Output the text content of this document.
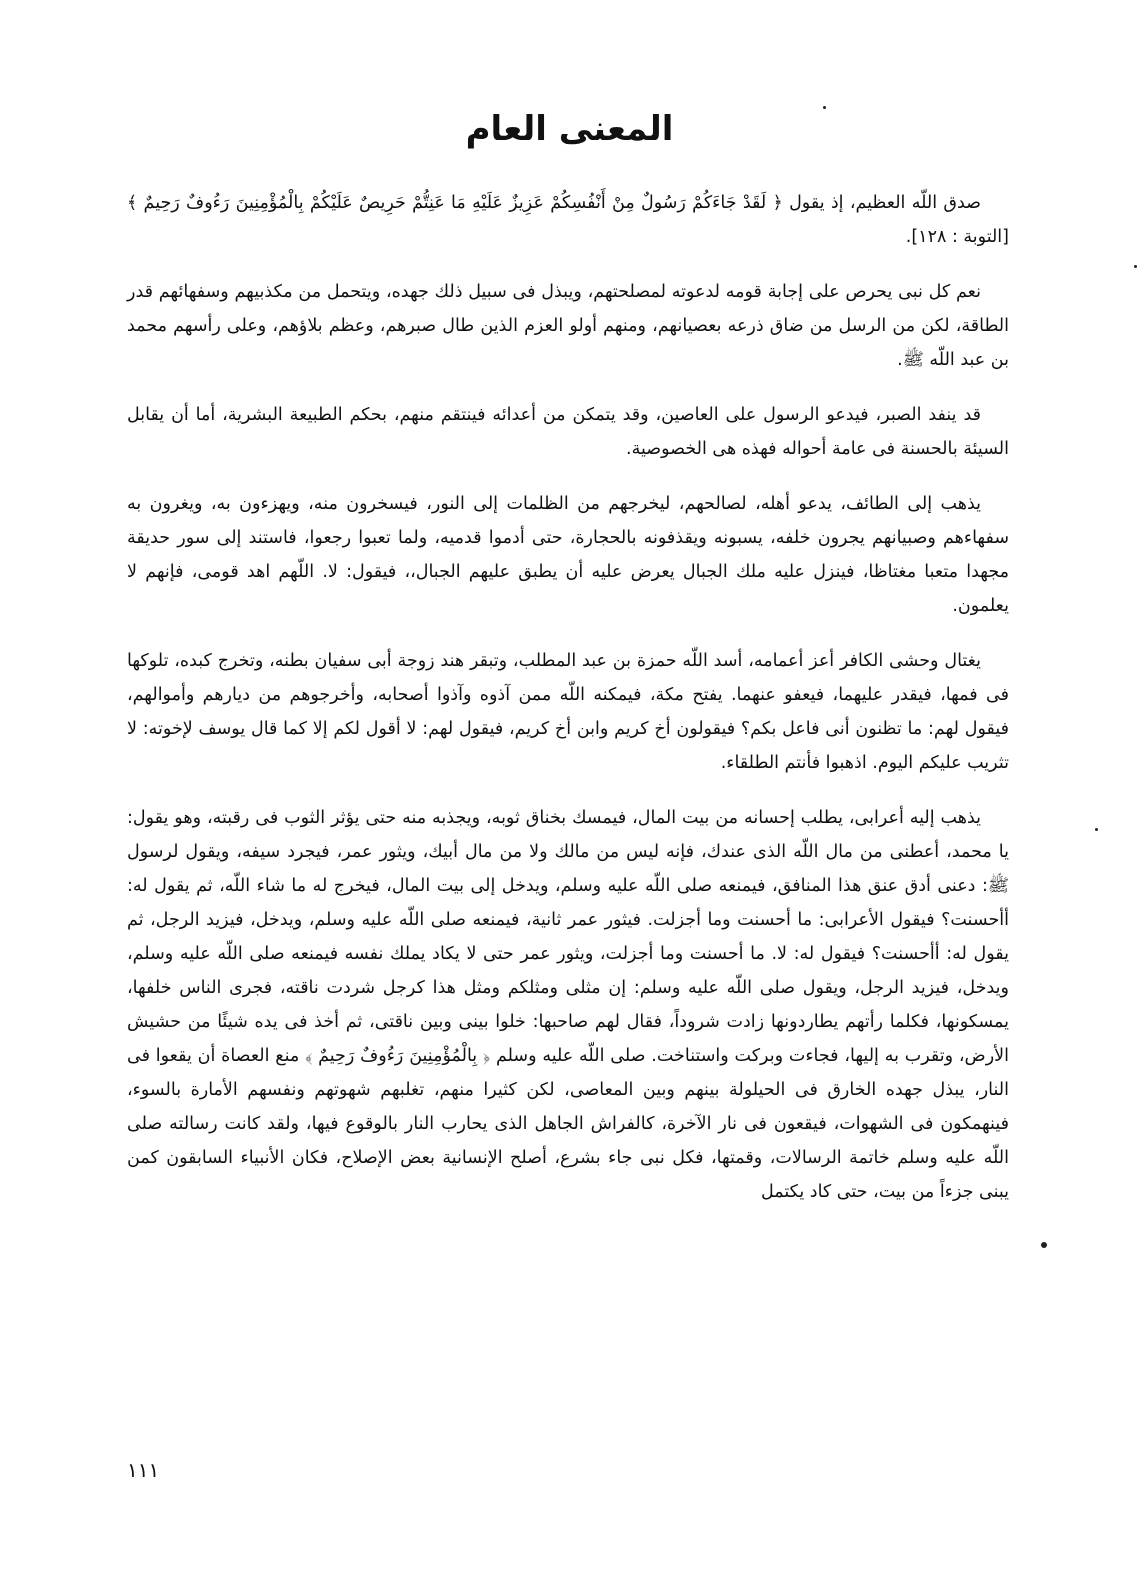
المعنى العام

صدق اللّه العظيم، إذ يقول ﴿ لَقَدْ جَاءَكُمْ رَسُولٌ مِنْ أَنْفُسِكُمْ عَزِيزٌ عَلَيْهِ مَا عَنِتُّمْ حَرِيصٌ عَلَيْكُمْ بِالْمُؤْمِنِينَ رَءُوفٌ رَحِيمٌ ﴾ [التوبة : ١٢٨].

نعم كل نبى يحرص على إجابة قومه لدعوته لمصلحتهم، ويبذل فى سبيل ذلك جهده، ويتحمل من مكذبيهم وسفهائهم قدر الطاقة، لكن من الرسل من ضاق ذرعه بعصيانهم، ومنهم أولو العزم الذين طال صبرهم، وعظم بلاؤهم، وعلى رأسهم محمد بن عبد اللّه ﷺ.

قد ينفد الصبر، فيدعو الرسول على العاصين، وقد يتمكن من أعدائه فينتقم منهم، بحكم الطبيعة البشرية، أما أن يقابل السيئة بالحسنة فى عامة أحواله فهذه هى الخصوصية.

يذهب إلى الطائف، يدعو أهله، لصالحهم، ليخرجهم من الظلمات إلى النور، فيسخرون منه، ويهزءون به، ويغرون به سفهاءهم وصبيانهم يجرون خلفه، يسبونه ويقذفونه بالحجارة، حتى أدموا قدميه، ولما تعبوا رجعوا، فاستند إلى سور حديقة مجهدا متعبا مغتاظا، فينزل عليه ملك الجبال يعرض عليه أن يطبق عليهم الجبال،، فيقول: لا. اللّهم اهد قومى، فإنهم لا يعلمون.

يغتال وحشى الكافر أعز أعمامه، أسد اللّه حمزة بن عبد المطلب، وتبقر هند زوجة أبى سفيان بطنه، وتخرج كبده، تلوكها فى فمها، فيقدر عليهما، فيعفو عنهما. يفتح مكة، فيمكنه اللّه ممن آذوه وآذوا أصحابه، وأخرجوهم من ديارهم وأموالهم، فيقول لهم: ما تظنون أنى فاعل بكم؟ فيقولون أخ كريم وابن أخ كريم، فيقول لهم: لا أقول لكم إلا كما قال يوسف لإخوته: لا تثريب عليكم اليوم. اذهبوا فأنتم الطلقاء.

يذهب إليه أعرابى، يطلب إحسانه من بيت المال، فيمسك بخناق ثوبه، ويجذبه منه حتى يؤثر الثوب فى رقبته، وهو يقول: يا محمد، أعطنى من مال اللّه الذى عندك، فإنه ليس من مالك ولا من مال أبيك، ويثور عمر، فيجرد سيفه، ويقول لرسول ﷺ: دعنى أدق عنق هذا المنافق، فيمنعه صلى اللّه عليه وسلم، ويدخل إلى بيت المال، فيخرج له ما شاء اللّه، ثم يقول له: أأحسنت؟ فيقول الأعرابى: ما أحسنت وما أجزلت. فيثور عمر ثانية، فيمنعه صلى اللّه عليه وسلم، ويدخل، فيزيد الرجل، ثم يقول له: أأحسنت؟ فيقول له: لا. ما أحسنت وما أجزلت، ويثور عمر حتى لا يكاد يملك نفسه فيمنعه صلى اللّه عليه وسلم، ويدخل، فيزيد الرجل، ويقول صلى اللّه عليه وسلم: إن مثلى ومثلكم ومثل هذا كرجل شردت ناقته، فجرى الناس خلفها، يمسكونها، فكلما رأتهم يطاردونها زادت شروداً، فقال لهم صاحبها: خلوا بينى وبين ناقتى، ثم أخذ فى يده شيئًا من حشيش الأرض، وتقرب به إليها، فجاءت وبركت واستناخت. صلى اللّه عليه وسلم ﴿ بِالْمُؤْمِنِينَ رَءُوفٌ رَحِيمٌ ﴾ منع العصاة أن يقعوا فى النار، يبذل جهده الخارق فى الحيلولة بينهم وبين المعاصى، لكن كثيرا منهم، تغلبهم شهوتهم ونفسهم الأمارة بالسوء، فينهمكون فى الشهوات، فيقعون فى نار الآخرة، كالفراش الجاهل الذى يحارب النار بالوقوع فيها، ولقد كانت رسالته صلى اللّه عليه وسلم خاتمة الرسالات، وقمتها، فكل نبى جاء بشرع، أصلح الإنسانية بعض الإصلاح، فكان الأنبياء السابقون كمن يبنى جزءاً من بيت، حتى كاد يكتمل

١١١
